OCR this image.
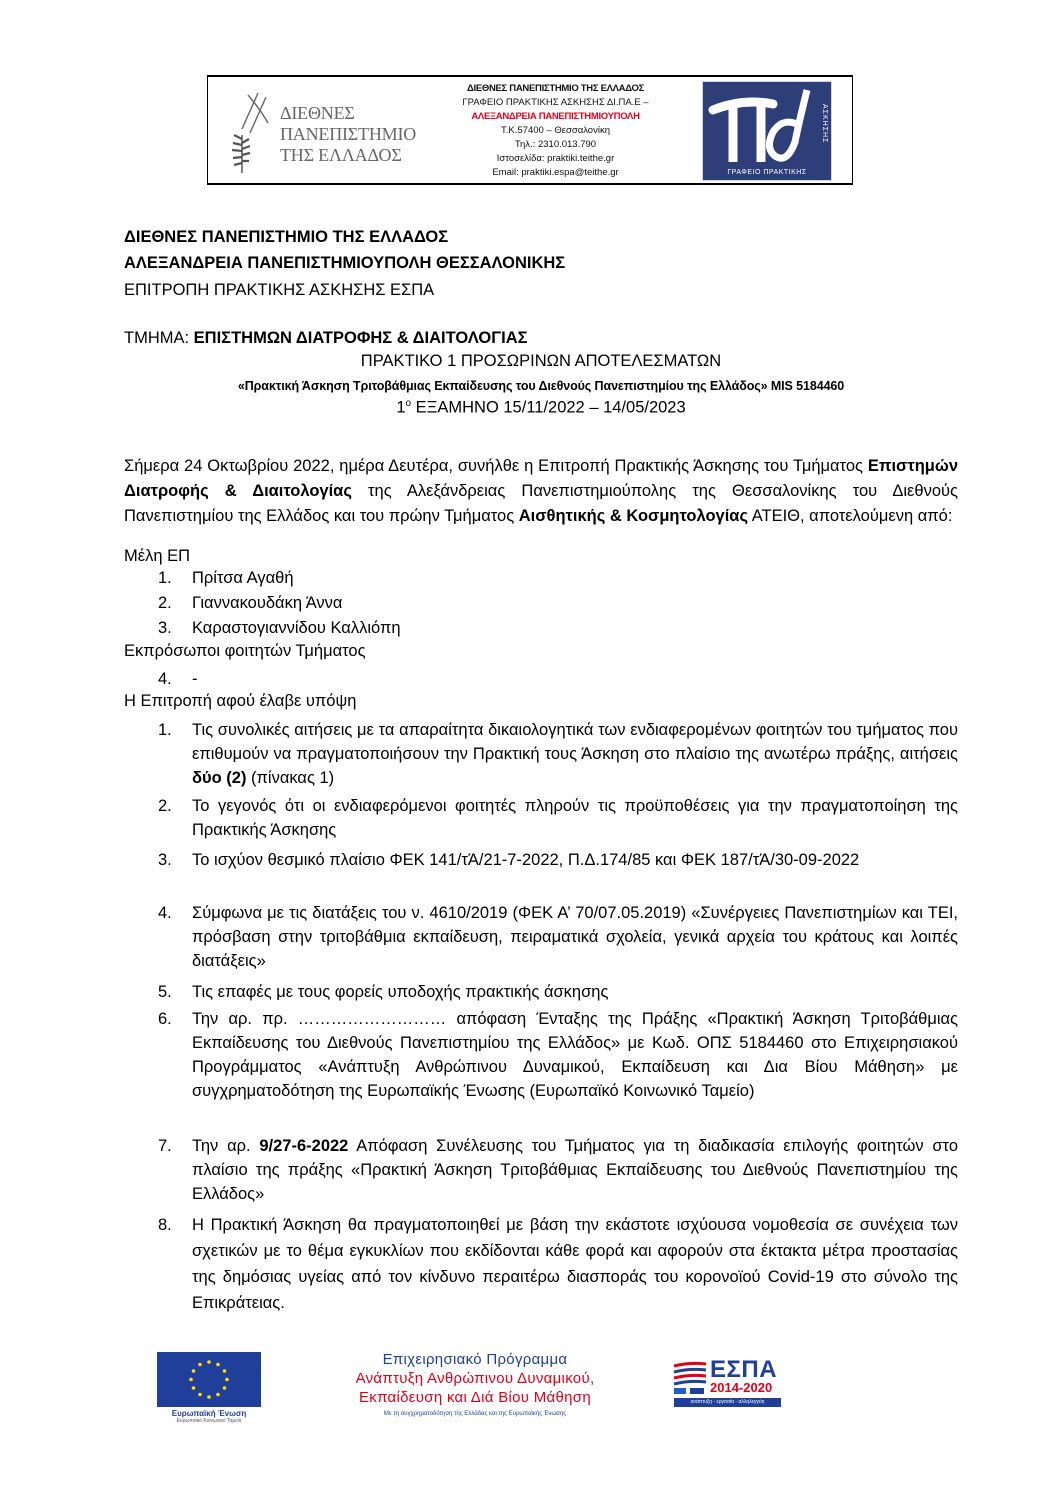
ΔΙΕΘΝΕΣ
ΠΑΝΕΠΙΣΤΗΜΙΟ
ΤΗΣ ΕΛΛΑΔΟΣ
ΔΙΕΘΝΕΣ ΠΑΝΕΠΙΣΤΗΜΙΟ ΤΗΣ ΕΛΛΑΔΟΣ
ΓΡΑΦΕΙΟ ΠΡΑΚΤΙΚΗΣ ΑΣΚΗΣΗΣ ΔΙ.ΠΑ.Ε –
ΑΛΕΞΑΝΔΡΕΙΑ ΠΑΝΕΠΙΣΤΗΜΙΟΥΠΟΛΗ
Τ.Κ.57400 – Θεσσαλονίκη
Τηλ.: 2310.013.790
Ιστοσελίδα: praktiki.teithe.gr
Email: praktiki.espa@teithe.gr
ΑΣΚΗΣΗΣ
ΓΡΑΦΕΙΟ ΠΡΑΚΤΙΚΗΣ
ΔΙΕΘΝΕΣ ΠΑΝΕΠΙΣΤΗΜΙΟ ΤΗΣ ΕΛΛΑΔΟΣ
ΑΛΕΞΑΝΔΡΕΙΑ ΠΑΝΕΠΙΣΤΗΜΙΟΥΠΟΛΗ ΘΕΣΣΑΛΟΝΙΚΗΣ
ΕΠΙΤΡΟΠΗ ΠΡΑΚΤΙΚΗΣ ΑΣΚΗΣΗΣ ΕΣΠΑ
ΤΜΗΜΑ: ΕΠΙΣΤΗΜΩΝ ΔΙΑΤΡΟΦΗΣ & ΔΙΑΙΤΟΛΟΓΙΑΣ
ΠΡΑΚΤΙΚΟ 1 ΠΡΟΣΩΡΙΝΩΝ ΑΠΟΤΕΛΕΣΜΑΤΩΝ
«Πρακτική Άσκηση Τριτοβάθμιας Εκπαίδευσης του Διεθνούς Πανεπιστημίου της Ελλάδος» MIS 5184460
$1^o$ ΕΞΑΜΗΝΟ 15/11/2022 – 14/05/2023
Σήμερα 24 Οκτωβρίου 2022, ημέρα Δευτέρα, συνήλθε η Επιτροπή Πρακτικής Άσκησης του Τμήματος Επιστημών Διατροφής & Διαιτολογίας της Αλεξάνδρειας Πανεπιστημιούπολης της Θεσσαλονίκης του Διεθνούς Πανεπιστημίου της Ελλάδος και του πρώην Τμήματος Αισθητικής & Κοσμητολογίας ΑΤΕΙΘ, αποτελούμενη από:
Μέλη ΕΠ
1.	Πρίτσα Αγαθή
2.	Γιαννακουδάκη Άννα
3.	Καραστογιαννίδου Καλλιόπη
Εκπρόσωποι φοιτητών Τμήματος
4.	-
Η Επιτροπή αφού έλαβε υπόψη
1.	Τις συνολικές αιτήσεις με τα απαραίτητα δικαιολογητικά των ενδιαφερομένων φοιτητών του τμήματος που επιθυμούν να πραγματοποιήσουν την Πρακτική τους Άσκηση στο πλαίσιο της ανωτέρω πράξης, αιτήσεις δύο (2) (πίνακας 1)
2.	Το γεγονός ότι οι ενδιαφερόμενοι φοιτητές πληρούν τις προϋποθέσεις για την πραγματοποίηση της Πρακτικής Άσκησης
3.	Το ισχύον θεσμικό πλαίσιο ΦΕΚ 141/τΆ/21-7-2022, Π.Δ.174/85 και ΦΕΚ 187/τΆ/30-09-2022
4.	Σύμφωνα με τις διατάξεις του ν. 4610/2019 (ΦΕΚ Α’ 70/07.05.2019) «Συνέργειες Πανεπιστημίων και ΤΕΙ, πρόσβαση στην τριτοβάθμια εκπαίδευση, πειραματικά σχολεία, γενικά αρχεία του κράτους και λοιπές διατάξεις»
5.	Τις επαφές με τους φορείς υποδοχής πρακτικής άσκησης
6.	Την αρ. πρ. ……………………… απόφαση Ένταξης της Πράξης «Πρακτική Άσκηση Τριτοβάθμιας Εκπαίδευσης του Διεθνούς Πανεπιστημίου της Ελλάδος» με Κωδ. ΟΠΣ 5184460 στο Επιχειρησιακού Προγράμματος «Ανάπτυξη Ανθρώπινου Δυναμικού, Εκπαίδευση και Δια Βίου Μάθηση» με συγχρηματοδότηση της Ευρωπαϊκής Ένωσης (Ευρωπαϊκό Κοινωνικό Ταμείο)
7.	Την αρ. 9/27-6-2022 Απόφαση Συνέλευσης του Τμήματος για τη διαδικασία επιλογής φοιτητών στο πλαίσιο της πράξης «Πρακτική Άσκηση Τριτοβάθμιας Εκπαίδευσης του Διεθνούς Πανεπιστημίου της Ελλάδος»
8.	Η Πρακτική Άσκηση θα πραγματοποιηθεί με βάση την εκάστοτε ισχύουσα νομοθεσία σε συνέχεια των σχετικών με το θέμα εγκυκλίων που εκδίδονται κάθε φορά και αφορούν στα έκτακτα μέτρα προστασίας της δημόσιας υγείας από τον κίνδυνο περαιτέρω διασποράς του κορονοϊού Covid-19 στο σύνολο της Επικράτειας.
Ευρωπαϊκή Ένωση
Ευρωπαϊκό Κοινωνικό Ταμείο
Επιχειρησιακό Πρόγραμμα
Ανάπτυξη Ανθρώπινου Δυναμικού,
Εκπαίδευση και Διά Βίου Μάθηση
Με τη συγχρηματοδότηση της Ελλάδας και της Ευρωπαϊκής Ένωσης
ΕΣΠΑ
2014-2020
ανάπτυξη - εργασία - αλληλεγγύη
